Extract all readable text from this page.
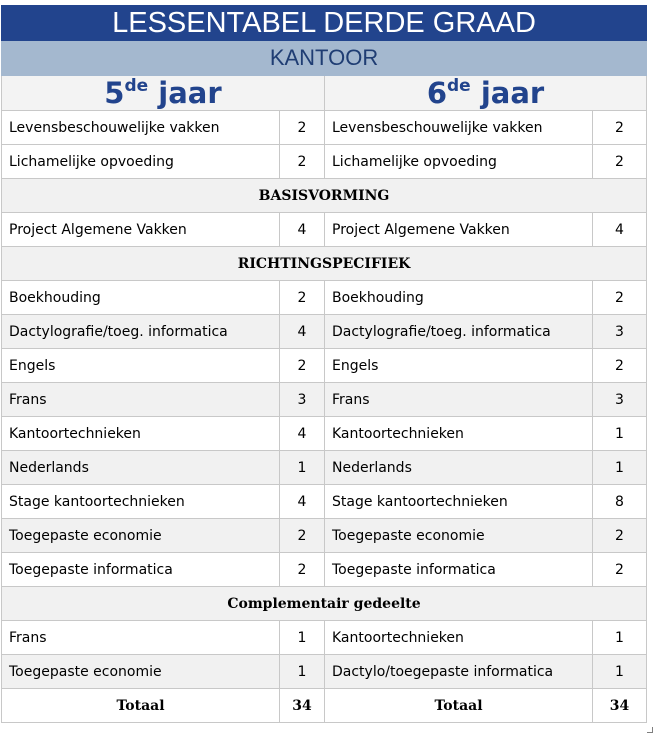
LESSENTABEL DERDE GRAAD			
KANTOOR			
5de jaar		6de jaar	
Levensbeschouwelijke vakken	2	Levensbeschouwelijke vakken	2
Lichamelijke opvoeding	2	Lichamelijke opvoeding	2
BASISVORMING			
Project Algemene Vakken	4	Project Algemene Vakken	4
RICHTINGSPECIFIEK			
Boekhouding	2	Boekhouding	2
Dactylografie/toeg. informatica	4	Dactylografie/toeg. informatica	3
Engels	2	Engels	2
Frans	3	Frans	3
Kantoortechnieken	4	Kantoortechnieken	1
Nederlands	1	Nederlands	1
Stage kantoortechnieken	4	Stage kantoortechnieken	8
Toegepaste economie	2	Toegepaste economie	2
Toegepaste informatica	2	Toegepaste informatica	2
Complementair gedeelte			
Frans	1	Kantoortechnieken	1
Toegepaste economie	1	Dactylo/toegepaste informatica	1
Totaal	34	Totaal	34
